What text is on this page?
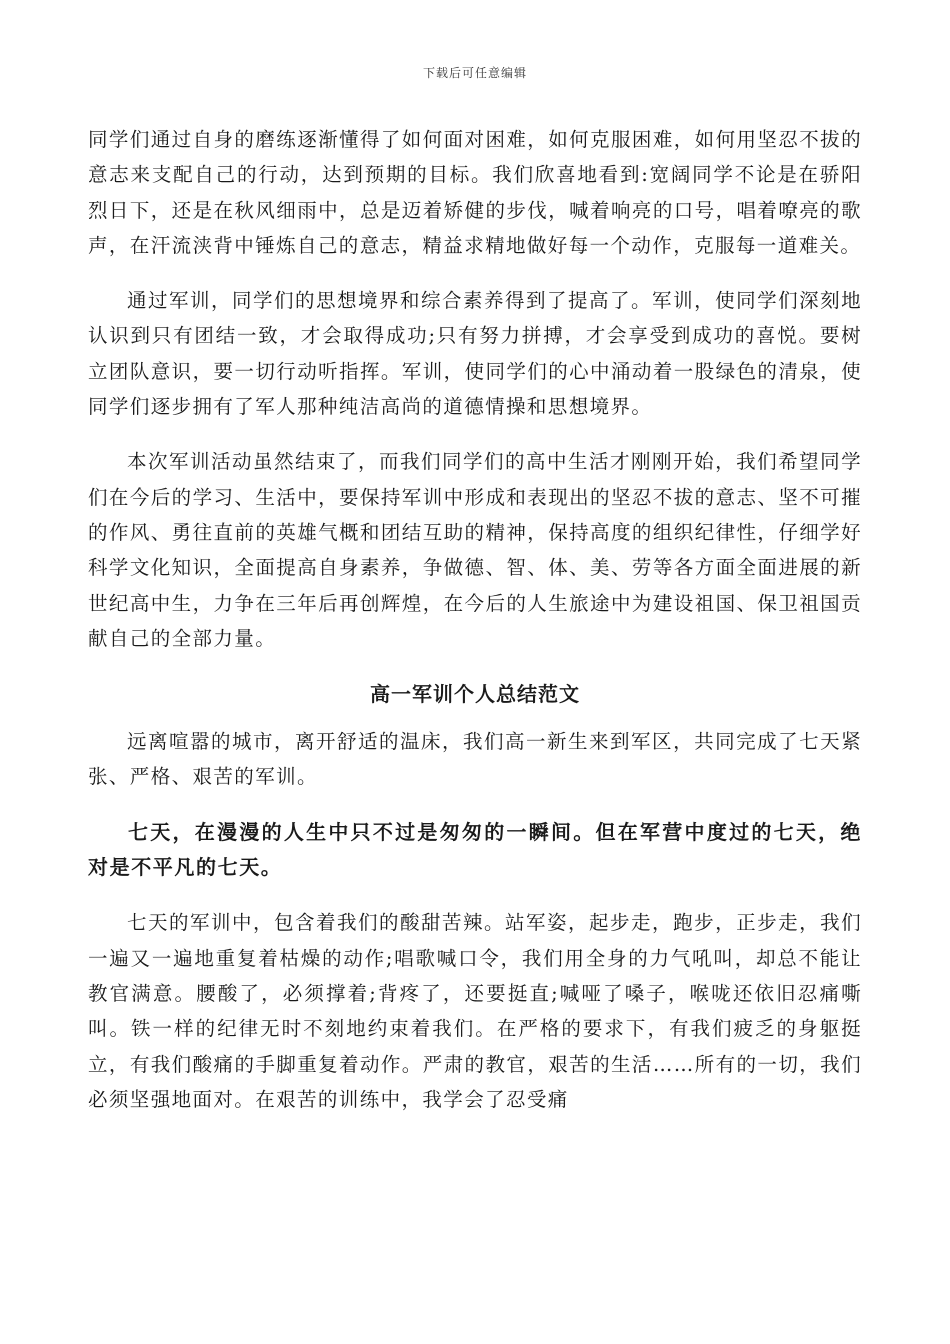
下载后可任意编辑

同学们通过自身的磨练逐渐懂得了如何面对困难，如何克服困难，如何用坚忍不拔的意志来支配自己的行动，达到预期的目标。我们欣喜地看到:宽阔同学不论是在骄阳烈日下，还是在秋风细雨中，总是迈着矫健的步伐，喊着响亮的口号，唱着嘹亮的歌声，在汗流浃背中锤炼自己的意志，精益求精地做好每一个动作，克服每一道难关。

通过军训，同学们的思想境界和综合素养得到了提高了。军训，使同学们深刻地认识到只有团结一致，才会取得成功;只有努力拼搏，才会享受到成功的喜悦。要树立团队意识，要一切行动听指挥。军训，使同学们的心中涌动着一股绿色的清泉，使同学们逐步拥有了军人那种纯洁高尚的道德情操和思想境界。

本次军训活动虽然结束了，而我们同学们的高中生活才刚刚开始，我们希望同学们在今后的学习、生活中，要保持军训中形成和表现出的坚忍不拔的意志、坚不可摧的作风、勇往直前的英雄气概和团结互助的精神，保持高度的组织纪律性，仔细学好科学文化知识，全面提高自身素养，争做德、智、体、美、劳等各方面全面进展的新世纪高中生，力争在三年后再创辉煌，在今后的人生旅途中为建设祖国、保卫祖国贡献自己的全部力量。

高一军训个人总结范文

远离喧嚣的城市，离开舒适的温床，我们高一新生来到军区，共同完成了七天紧张、严格、艰苦的军训。

七天，在漫漫的人生中只不过是匆匆的一瞬间。但在军营中度过的七天，绝对是不平凡的七天。

七天的军训中，包含着我们的酸甜苦辣。站军姿，起步走，跑步，正步走，我们一遍又一遍地重复着枯燥的动作;唱歌喊口令，我们用全身的力气吼叫，却总不能让教官满意。腰酸了，必须撑着;背疼了，还要挺直;喊哑了嗓子，喉咙还依旧忍痛嘶叫。铁一样的纪律无时不刻地约束着我们。在严格的要求下，有我们疲乏的身躯挺立，有我们酸痛的手脚重复着动作。严肃的教官，艰苦的生活……所有的一切，我们必须坚强地面对。在艰苦的训练中，我学会了忍受痛
